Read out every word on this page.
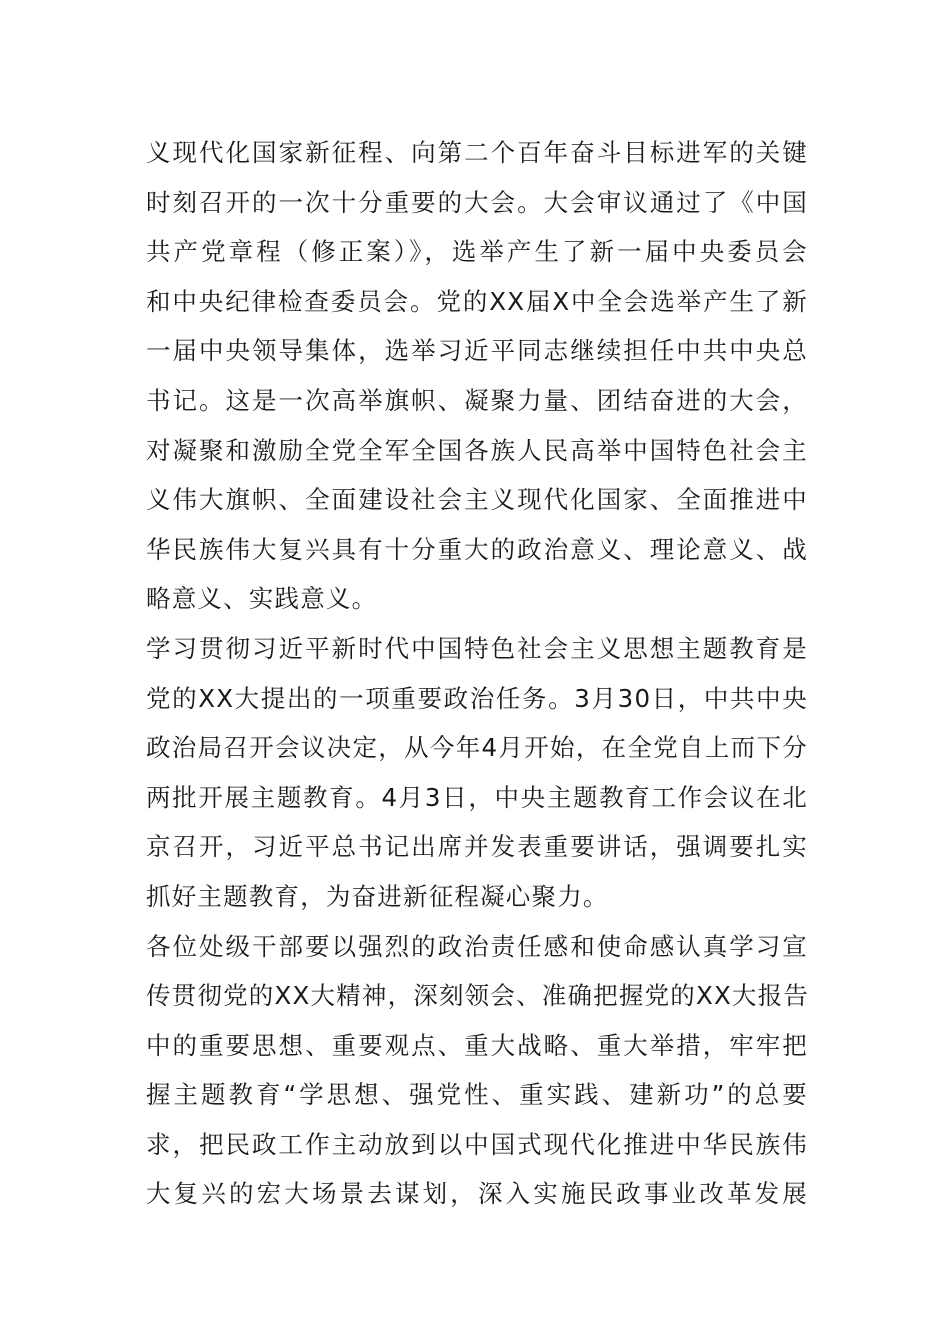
义现代化国家新征程、向第二个百年奋斗目标进军的关键
时刻召开的一次十分重要的大会。大会审议通过了《中国
共产党章程（修正案）》，选举产生了新一届中央委员会
和中央纪律检查委员会。党的XX届X中全会选举产生了新
一届中央领导集体，选举习近平同志继续担任中共中央总
书记。这是一次高举旗帜、凝聚力量、团结奋进的大会，
对凝聚和激励全党全军全国各族人民高举中国特色社会主
义伟大旗帜、全面建设社会主义现代化国家、全面推进中
华民族伟大复兴具有十分重大的政治意义、理论意义、战
略意义、实践意义。
学习贯彻习近平新时代中国特色社会主义思想主题教育是
党的XX大提出的一项重要政治任务。3月30日，中共中央
政治局召开会议决定，从今年4月开始，在全党自上而下分
两批开展主题教育。4月3日，中央主题教育工作会议在北
京召开，习近平总书记出席并发表重要讲话，强调要扎实
抓好主题教育，为奋进新征程凝心聚力。
各位处级干部要以强烈的政治责任感和使命感认真学习宣
传贯彻党的XX大精神，深刻领会、准确把握党的XX大报告
中的重要思想、重要观点、重大战略、重大举措，牢牢把
握主题教育“学思想、强党性、重实践、建新功”的总要
求，把民政工作主动放到以中国式现代化推进中华民族伟
大复兴的宏大场景去谋划，深入实施民政事业改革发展
